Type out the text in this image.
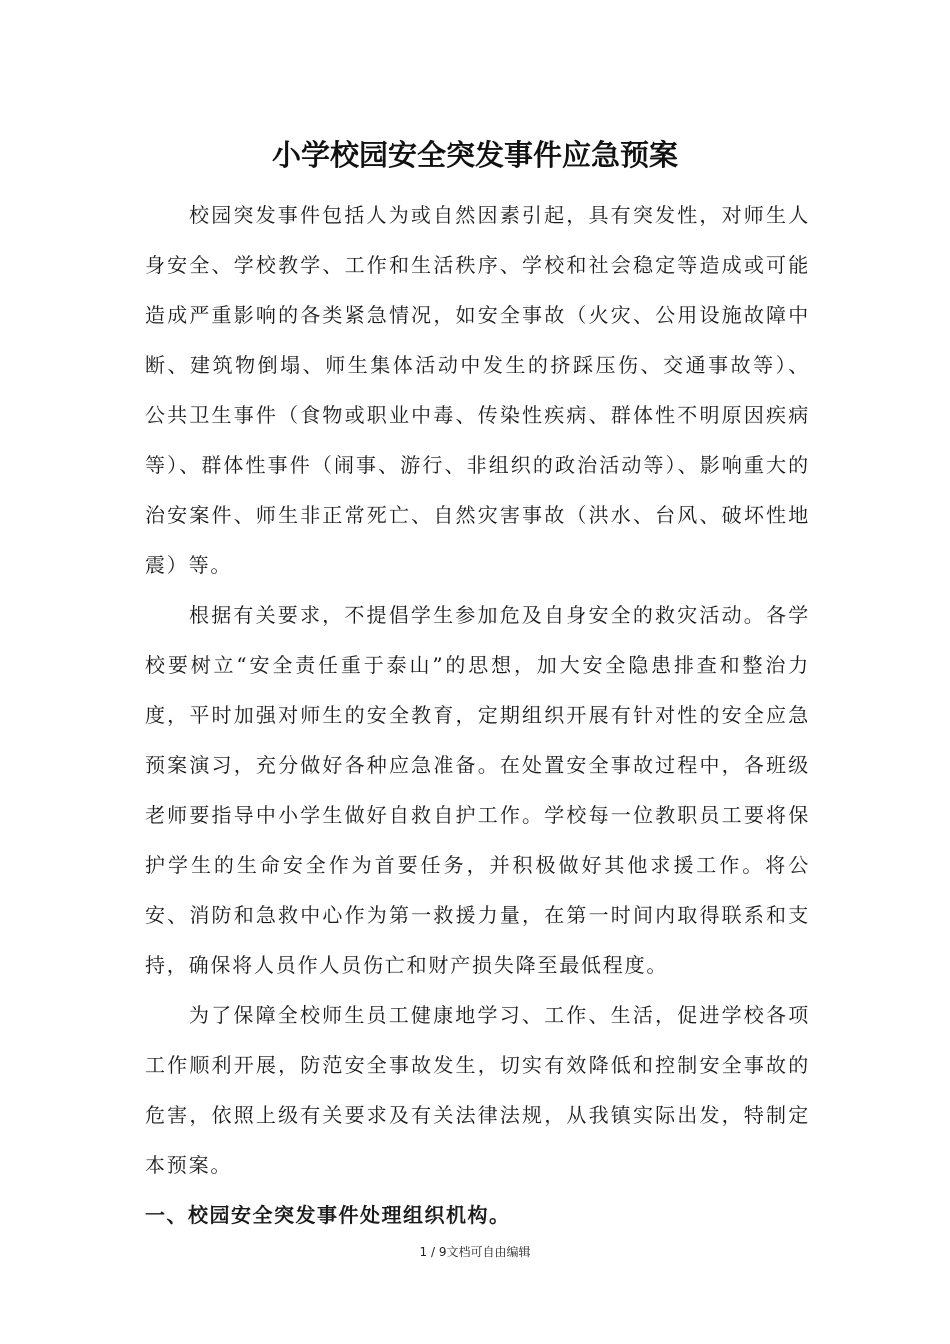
小学校园安全突发事件应急预案

校园突发事件包括人为或自然因素引起，具有突发性，对师生人身安全、学校教学、工作和生活秩序、学校和社会稳定等造成或可能造成严重影响的各类紧急情况，如安全事故（火灾、公用设施故障中断、建筑物倒塌、师生集体活动中发生的挤踩压伤、交通事故等）、公共卫生事件（食物或职业中毒、传染性疾病、群体性不明原因疾病等）、群体性事件（闹事、游行、非组织的政治活动等）、影响重大的治安案件、师生非正常死亡、自然灾害事故（洪水、台风、破坏性地震）等。

根据有关要求，不提倡学生参加危及自身安全的救灾活动。各学校要树立“安全责任重于泰山”的思想，加大安全隐患排查和整治力度，平时加强对师生的安全教育，定期组织开展有针对性的安全应急预案演习，充分做好各种应急准备。在处置安全事故过程中，各班级老师要指导中小学生做好自救自护工作。学校每一位教职员工要将保护学生的生命安全作为首要任务，并积极做好其他求援工作。将公安、消防和急救中心作为第一救援力量，在第一时间内取得联系和支持，确保将人员作人员伤亡和财产损失降至最低程度。

为了保障全校师生员工健康地学习、工作、生活，促进学校各项工作顺利开展，防范安全事故发生，切实有效降低和控制安全事故的危害，依照上级有关要求及有关法律法规，从我镇实际出发，特制定本预案。

一、校园安全突发事件处理组织机构。

1 / 9文档可自由编辑
